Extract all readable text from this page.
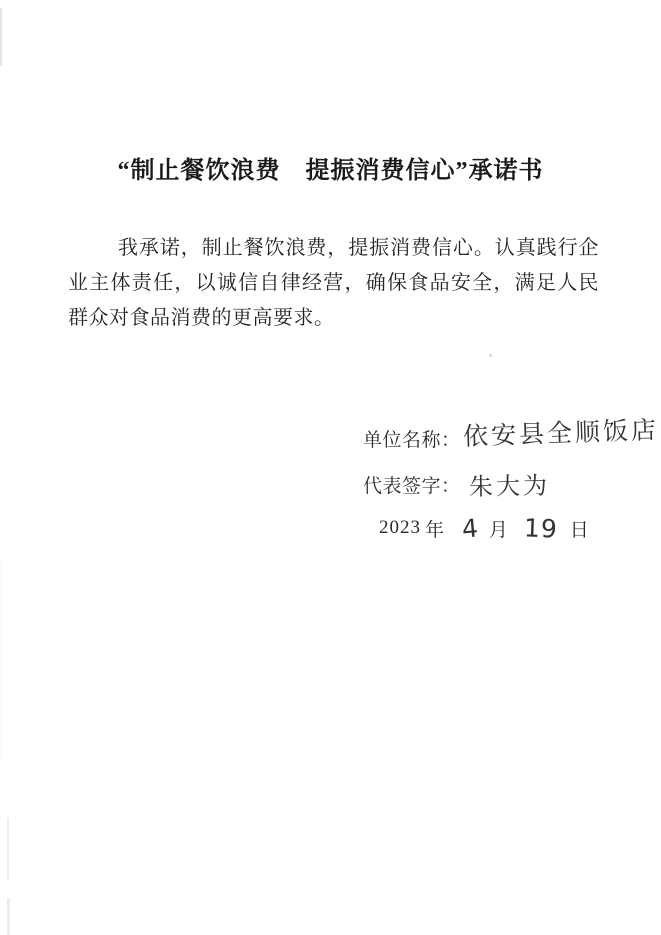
“制止餐饮浪费　提振消费信心”承诺书

我承诺，制止餐饮浪费，提振消费信心。认真践行企业主体责任，以诚信自律经营，确保食品安全，满足人民群众对食品消费的更高要求。

单位名称： 依安县全顺饭店
代表签字： 朱大为
2023 年 4 月 19 日
